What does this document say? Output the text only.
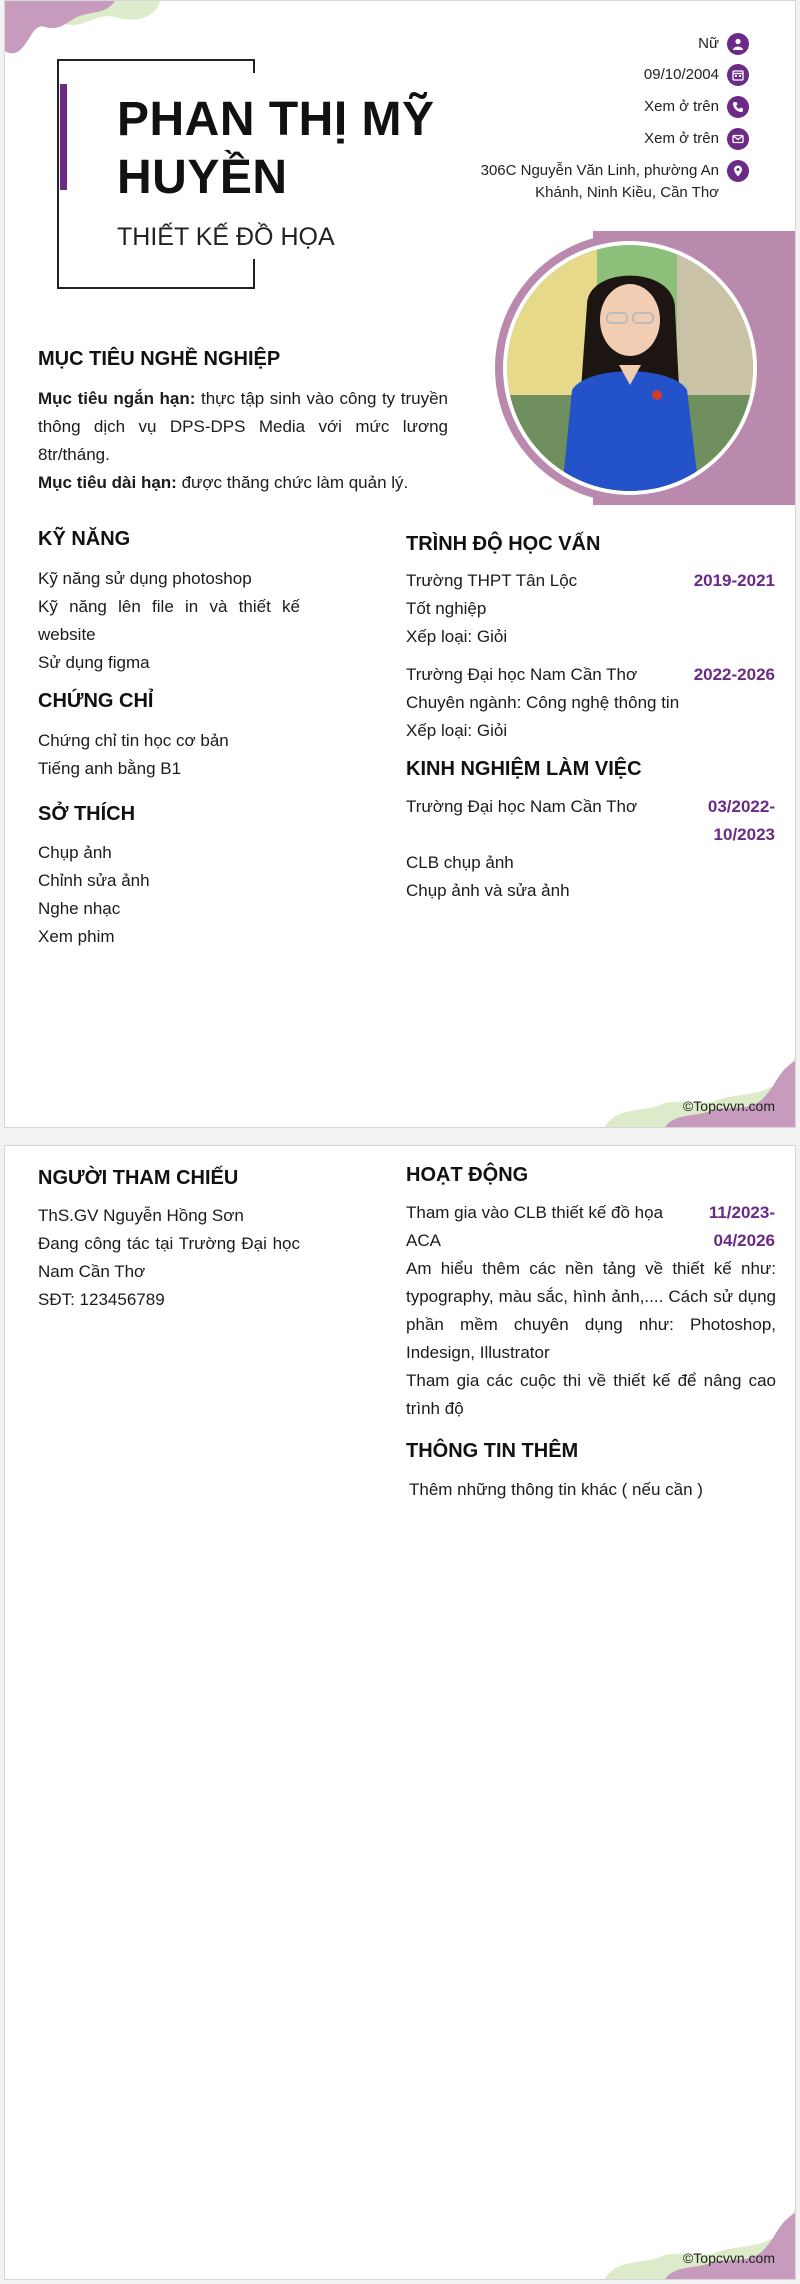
PHAN THỊ MỸ HUYỀN
THIẾT KẾ ĐỒ HỌA
Nữ
09/10/2004
Xem ở trên
Xem ở trên
306C Nguyễn Văn Linh, phường An Khánh, Ninh Kiều, Cần Thơ
MỤC TIÊU NGHỀ NGHIỆP
Mục tiêu ngắn hạn: thực tập sinh vào công ty truyền thông dịch vụ DPS-DPS Media với mức lương 8tr/tháng.
Mục tiêu dài hạn: được thăng chức làm quản lý.
KỸ NĂNG
Kỹ năng sử dụng photoshop
Kỹ năng lên file in và thiết kế website
Sử dụng figma
CHỨNG CHỈ
Chứng chỉ tin học cơ bản
Tiếng anh bằng B1
SỞ THÍCH
Chụp ảnh
Chỉnh sửa ảnh
Nghe nhạc
Xem phim
TRÌNH ĐỘ HỌC VẤN
Trường THPT Tân Lộc
Tốt nghiệp
Xếp loại: Giỏi
2019-2021
Trường Đại học Nam Cần Thơ
Chuyên ngành: Công nghệ thông tin
Xếp loại: Giỏi
2022-2026
KINH NGHIỆM LÀM VIỆC
Trường Đại học Nam Cần Thơ	03/2022- 10/2023
CLB chụp ảnh
Chụp ảnh và sửa ảnh
©Topcvvn.com
NGƯỜI THAM CHIẾU
ThS.GV Nguyễn Hồng Sơn
Đang công tác tại Trường Đại học Nam Cần Thơ
SĐT: 123456789
HOẠT ĐỘNG
Tham gia vào CLB thiết kế đồ họa ACA
11/2023- 04/2026
Am hiểu thêm các nền tảng về thiết kế như: typography, màu sắc, hình ảnh,.... Cách sử dụng phần mềm chuyên dụng như: Photoshop, Indesign, Illustrator
Tham gia các cuộc thi về thiết kế để nâng cao trình độ
THÔNG TIN THÊM
Thêm những thông tin khác ( nếu cần )
©Topcvvn.com
